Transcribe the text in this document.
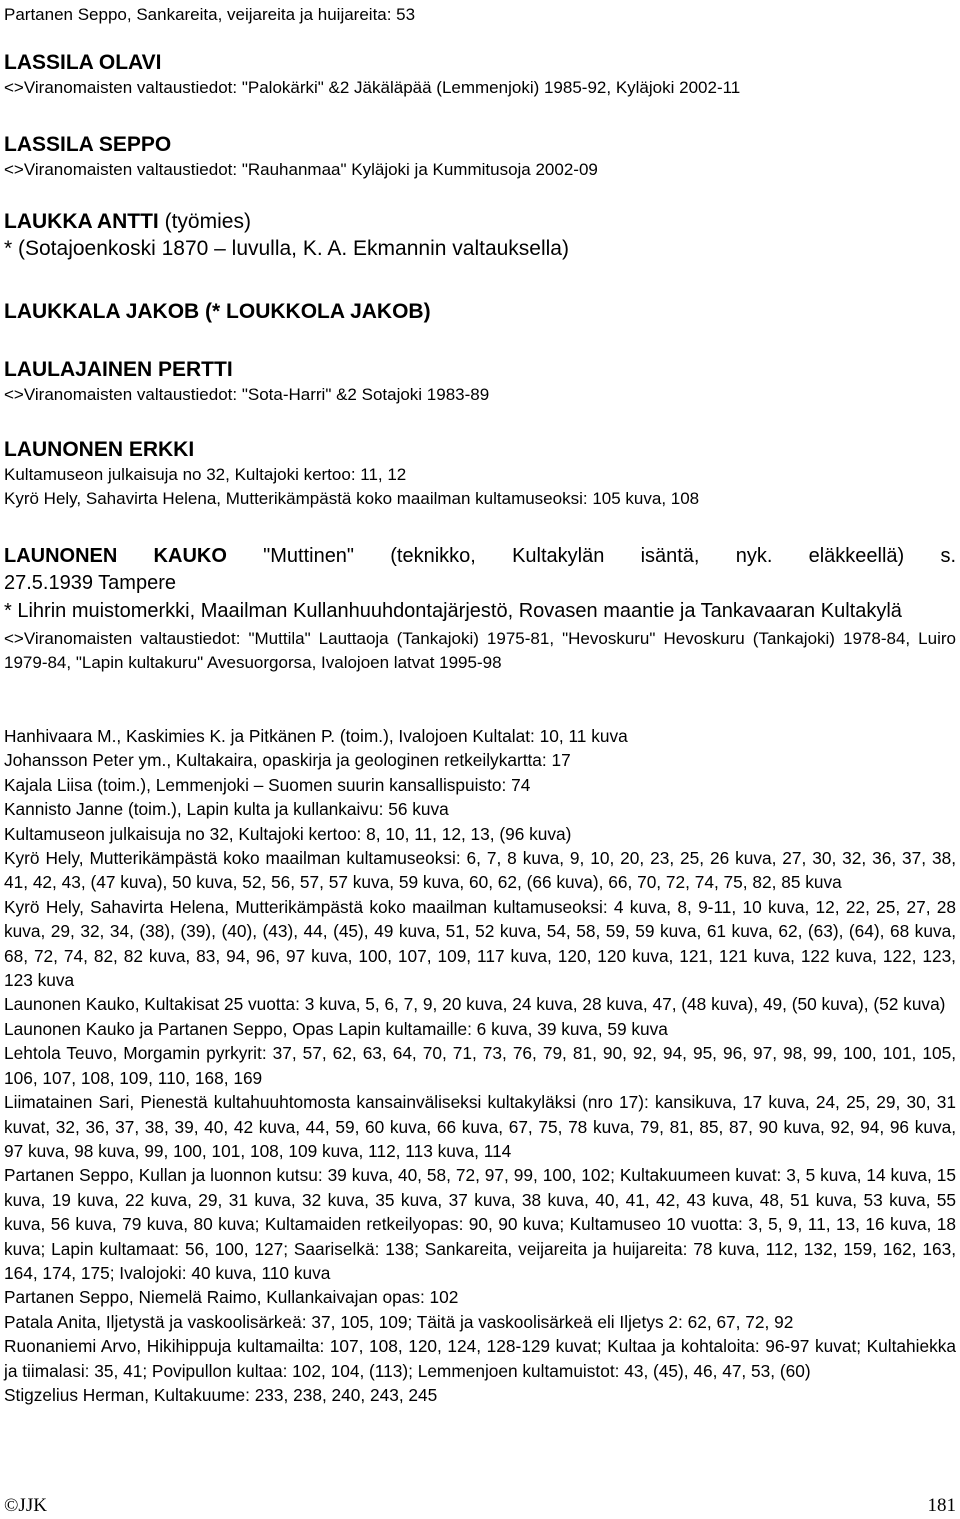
Partanen Seppo, Sankareita, veijareita ja huijareita: 53
LASSILA OLAVI
<>Viranomaisten valtaustiedot: "Palokärki" &2 Jäkäläpää (Lemmenjoki) 1985-92, Kyläjoki 2002-11
LASSILA SEPPO
<>Viranomaisten valtaustiedot: "Rauhanmaa" Kyläjoki ja Kummitusoja 2002-09
LAUKKA ANTTI (työmies)
* (Sotajoenkoski 1870 – luvulla, K. A. Ekmannin valtauksella)
LAUKKALA JAKOB (* LOUKKOLA JAKOB)
LAULAJAINEN PERTTI
<>Viranomaisten valtaustiedot: "Sota-Harri" &2 Sotajoki 1983-89
LAUNONEN ERKKI
Kultamuseon julkaisuja no 32, Kultajoki kertoo: 11, 12
Kyrö Hely, Sahavirta Helena, Mutterikämpästä koko maailman kultamuseoksi: 105 kuva, 108
LAUNONEN KAUKO "Muttinen" (teknikko, Kultakylän isäntä, nyk. eläkkeellä) s.
27.5.1939 Tampere
* Lihrin muistomerkki, Maailman Kullanhuuhdontajärjestö, Rovasen maantie ja Tankavaaran Kultakylä
<>Viranomaisten valtaustiedot: "Muttila" Lauttaoja (Tankajoki) 1975-81, "Hevoskuru" Hevoskuru (Tankajoki) 1978-84, Luiro 1979-84, "Lapin kultakuru" Avesuorgorsa, Ivalojoen latvat 1995-98
Hanhivaara M., Kaskimies K. ja Pitkänen P. (toim.), Ivalojoen Kultalat: 10, 11 kuva
Johansson Peter ym., Kultakaira, opaskirja ja geologinen retkeilykartta: 17
Kajala Liisa (toim.), Lemmenjoki – Suomen suurin kansallispuisto: 74
Kannisto Janne (toim.), Lapin kulta ja kullankaivu: 56 kuva
Kultamuseon julkaisuja no 32, Kultajoki kertoo: 8, 10, 11, 12, 13, (96 kuva)
Kyrö Hely, Mutterikämpästä koko maailman kultamuseoksi: 6, 7, 8 kuva, 9, 10, 20, 23, 25, 26 kuva, 27, 30, 32, 36, 37, 38, 41, 42, 43, (47 kuva), 50 kuva, 52, 56, 57, 57 kuva, 59 kuva, 60, 62, (66 kuva), 66, 70, 72, 74, 75, 82, 85 kuva
Kyrö Hely, Sahavirta Helena, Mutterikämpästä koko maailman kultamuseoksi: 4 kuva, 8, 9-11, 10 kuva, 12, 22, 25, 27, 28 kuva, 29, 32, 34, (38), (39), (40), (43), 44, (45), 49 kuva, 51, 52 kuva, 54, 58, 59, 59 kuva, 61 kuva, 62, (63), (64), 68 kuva, 68, 72, 74, 82, 82 kuva, 83, 94, 96, 97 kuva, 100, 107, 109, 117 kuva, 120, 120 kuva, 121, 121 kuva, 122 kuva, 122, 123, 123 kuva
Launonen Kauko, Kultakisat 25 vuotta: 3 kuva, 5, 6, 7, 9, 20 kuva, 24 kuva, 28 kuva, 47, (48 kuva), 49, (50 kuva), (52 kuva)
Launonen Kauko ja Partanen Seppo, Opas Lapin kultamaille: 6 kuva, 39 kuva, 59 kuva
Lehtola Teuvo, Morgamin pyrkyrit: 37, 57, 62, 63, 64, 70, 71, 73, 76, 79, 81, 90, 92, 94, 95, 96, 97, 98, 99, 100, 101, 105, 106, 107, 108, 109, 110, 168, 169
Liimatainen Sari, Pienestä kultahuuhtomosta kansainväliseksi kultakyläksi (nro 17): kansikuva, 17 kuva, 24, 25, 29, 30, 31 kuvat, 32, 36, 37, 38, 39, 40, 42 kuva, 44, 59, 60 kuva, 66 kuva, 67, 75, 78 kuva, 79, 81, 85, 87, 90 kuva, 92, 94, 96 kuva, 97 kuva, 98 kuva, 99, 100, 101, 108, 109 kuva, 112, 113 kuva, 114
Partanen Seppo, Kullan ja luonnon kutsu: 39 kuva, 40, 58, 72, 97, 99, 100, 102; Kultakuumeen kuvat: 3, 5 kuva, 14 kuva, 15 kuva, 19 kuva, 22 kuva, 29, 31 kuva, 32 kuva, 35 kuva, 37 kuva, 38 kuva, 40, 41, 42, 43 kuva, 48, 51 kuva, 53 kuva, 55 kuva, 56 kuva, 79 kuva, 80 kuva; Kultamaiden retkeilyopas: 90, 90 kuva; Kultamuseo 10 vuotta: 3, 5, 9, 11, 13, 16 kuva, 18 kuva; Lapin kultamaat: 56, 100, 127; Saariselkä: 138; Sankareita, veijareita ja huijareita: 78 kuva, 112, 132, 159, 162, 163, 164, 174, 175; Ivalojoki: 40 kuva, 110 kuva
Partanen Seppo, Niemelä Raimo, Kullankaivajan opas: 102
Patala Anita, Iljetystä ja vaskoolisärkeä: 37, 105, 109; Täitä ja vaskoolisärkeä eli Iljetys 2: 62, 67, 72, 92
Ruonaniemi Arvo, Hikihippuja kultamailta: 107, 108, 120, 124, 128-129 kuvat; Kultaa ja kohtaloita: 96-97 kuvat; Kultahiekka ja tiimalasi: 35, 41; Povipullon kultaa: 102, 104, (113); Lemmenjoen kultamuistot: 43, (45), 46, 47, 53, (60)
Stigzelius Herman, Kultakuume: 233, 238, 240, 243, 245
©JJK	181
